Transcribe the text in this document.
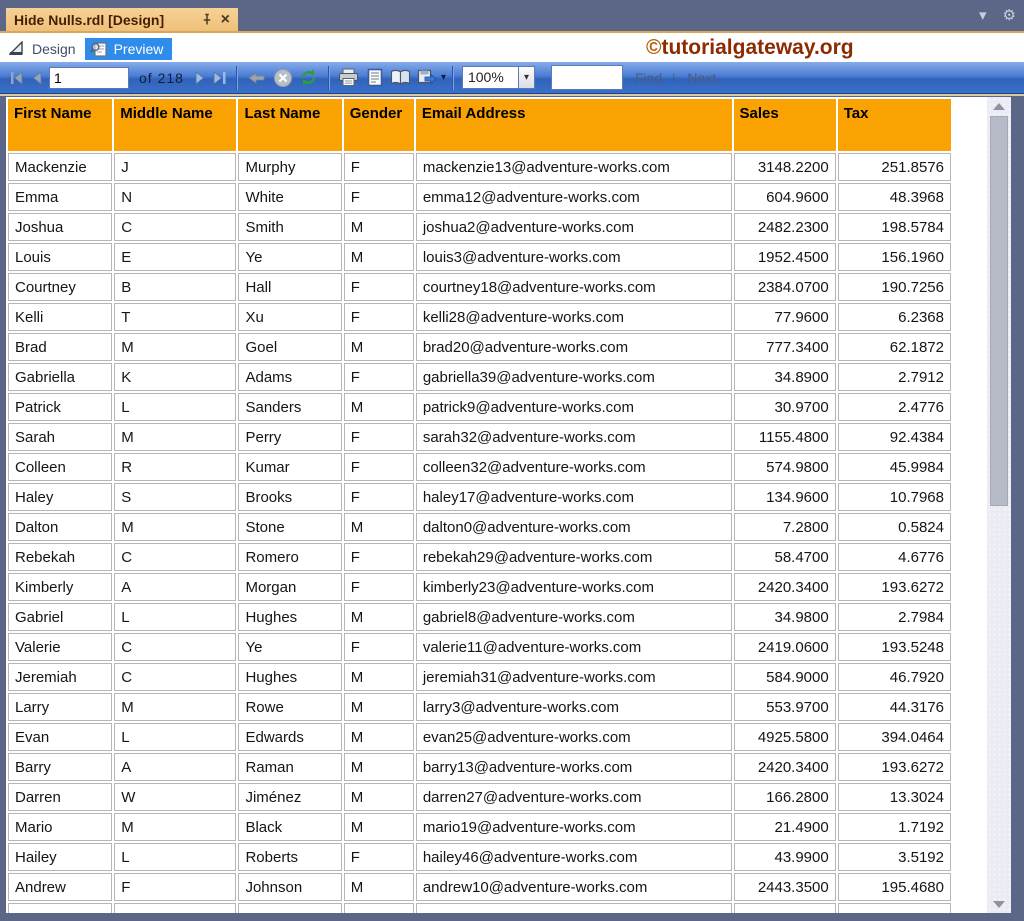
Hide Nulls.rdl [Design]	×	▾ ⚙
Design	Preview	©tutorialgateway.org
1
of 218	▾	100%	▾	Find ǀ Next
First Name	Middle Name	Last Name	Gender	Email Address	Sales	Tax
Mackenzie	J	Murphy	F	mackenzie13@adventure-works.com	3148.2200	251.8576
Emma	N	White	F	emma12@adventure-works.com	604.9600	48.3968
Joshua	C	Smith	M	joshua2@adventure-works.com	2482.2300	198.5784
Louis	E	Ye	M	louis3@adventure-works.com	1952.4500	156.1960
Courtney	B	Hall	F	courtney18@adventure-works.com	2384.0700	190.7256
Kelli	T	Xu	F	kelli28@adventure-works.com	77.9600	6.2368
Brad	M	Goel	M	brad20@adventure-works.com	777.3400	62.1872
Gabriella	K	Adams	F	gabriella39@adventure-works.com	34.8900	2.7912
Patrick	L	Sanders	M	patrick9@adventure-works.com	30.9700	2.4776
Sarah	M	Perry	F	sarah32@adventure-works.com	1155.4800	92.4384
Colleen	R	Kumar	F	colleen32@adventure-works.com	574.9800	45.9984
Haley	S	Brooks	F	haley17@adventure-works.com	134.9600	10.7968
Dalton	M	Stone	M	dalton0@adventure-works.com	7.2800	0.5824
Rebekah	C	Romero	F	rebekah29@adventure-works.com	58.4700	4.6776
Kimberly	A	Morgan	F	kimberly23@adventure-works.com	2420.3400	193.6272
Gabriel	L	Hughes	M	gabriel8@adventure-works.com	34.9800	2.7984
Valerie	C	Ye	F	valerie11@adventure-works.com	2419.0600	193.5248
Jeremiah	C	Hughes	M	jeremiah31@adventure-works.com	584.9000	46.7920
Larry	M	Rowe	M	larry3@adventure-works.com	553.9700	44.3176
Evan	L	Edwards	M	evan25@adventure-works.com	4925.5800	394.0464
Barry	A	Raman	M	barry13@adventure-works.com	2420.3400	193.6272
Darren	W	Jiménez	M	darren27@adventure-works.com	166.2800	13.3024
Mario	M	Black	M	mario19@adventure-works.com	21.4900	1.7192
Hailey	L	Roberts	F	hailey46@adventure-works.com	43.9900	3.5192
Andrew	F	Johnson	M	andrew10@adventure-works.com	2443.3500	195.4680
